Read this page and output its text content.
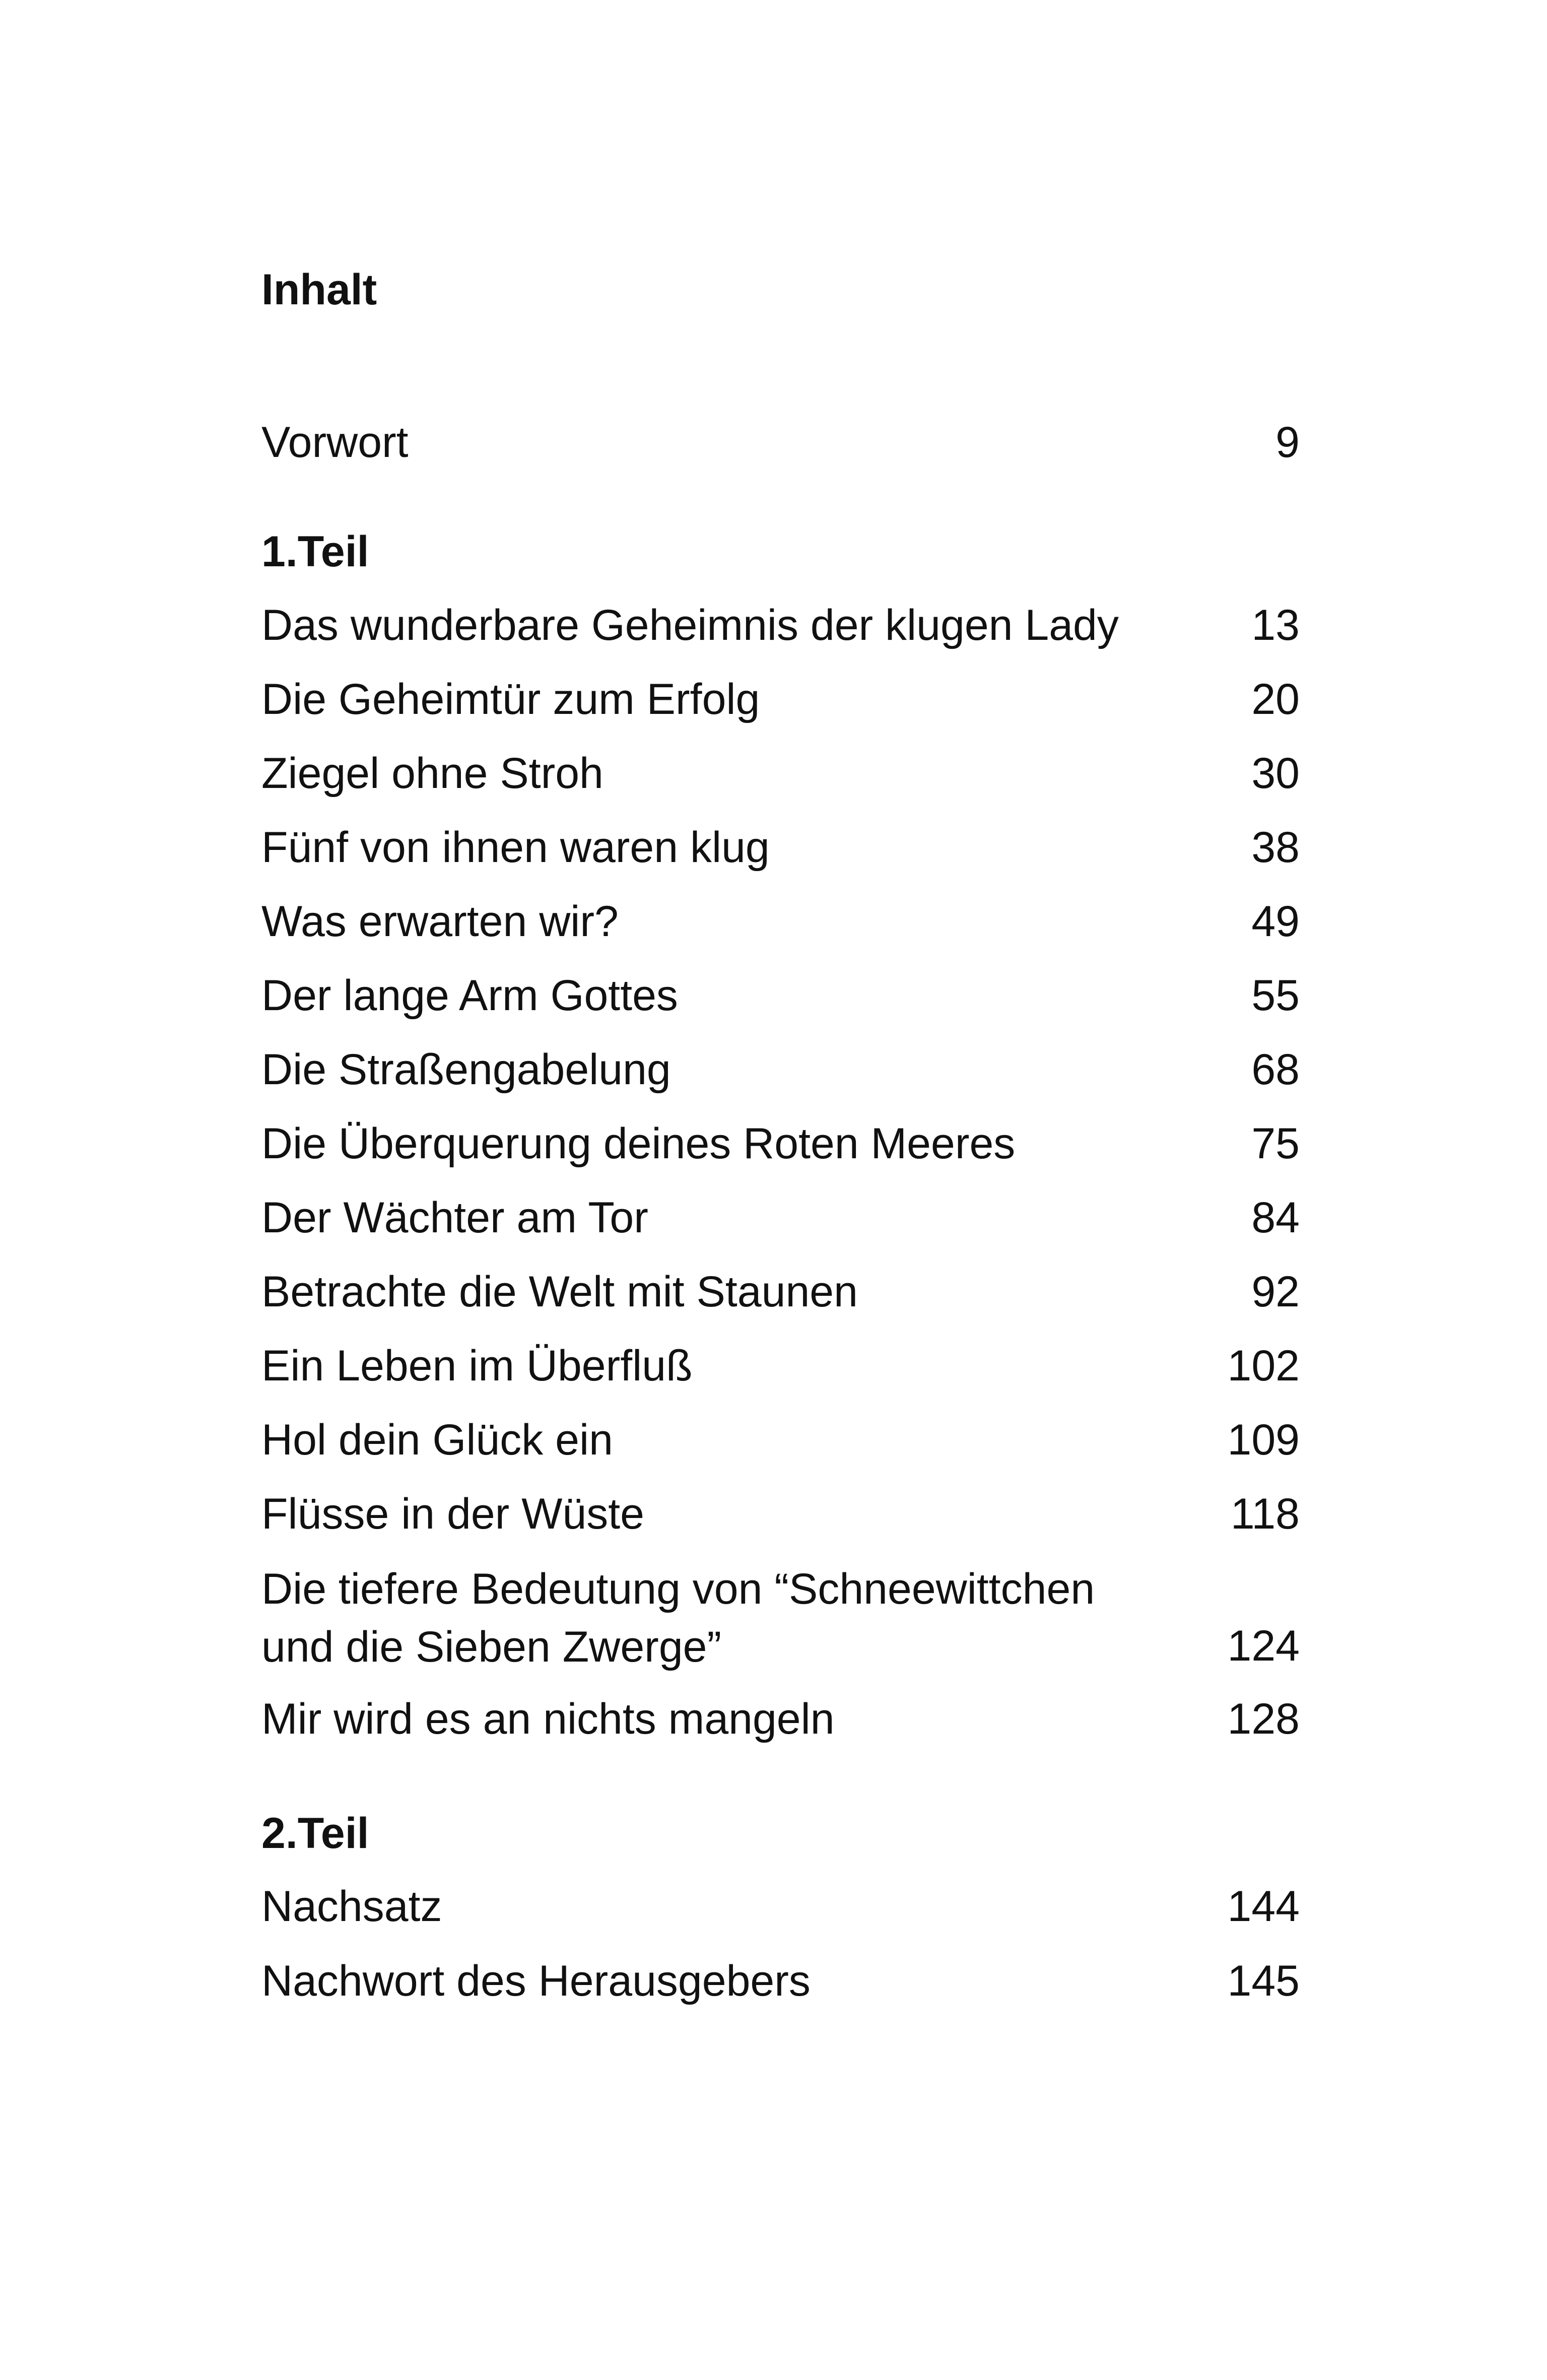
Inhalt
Vorwort	9
1.Teil
Das wunderbare Geheimnis der klugen Lady	13
Die Geheimtür zum Erfolg	20
Ziegel ohne Stroh	30
Fünf von ihnen waren klug	38
Was erwarten wir?	49
Der lange Arm Gottes	55
Die Straßengabelung	68
Die Überquerung deines Roten Meeres	75
Der Wächter am Tor	84
Betrachte die Welt mit Staunen	92
Ein Leben im Überfluß	102
Hol dein Glück ein	109
Flüsse in der Wüste	118
Die tiefere Bedeutung von “Schneewittchen
und die Sieben Zwerge”	124
Mir wird es an nichts mangeln	128
2.Teil
Nachsatz	144
Nachwort des Herausgebers	145
